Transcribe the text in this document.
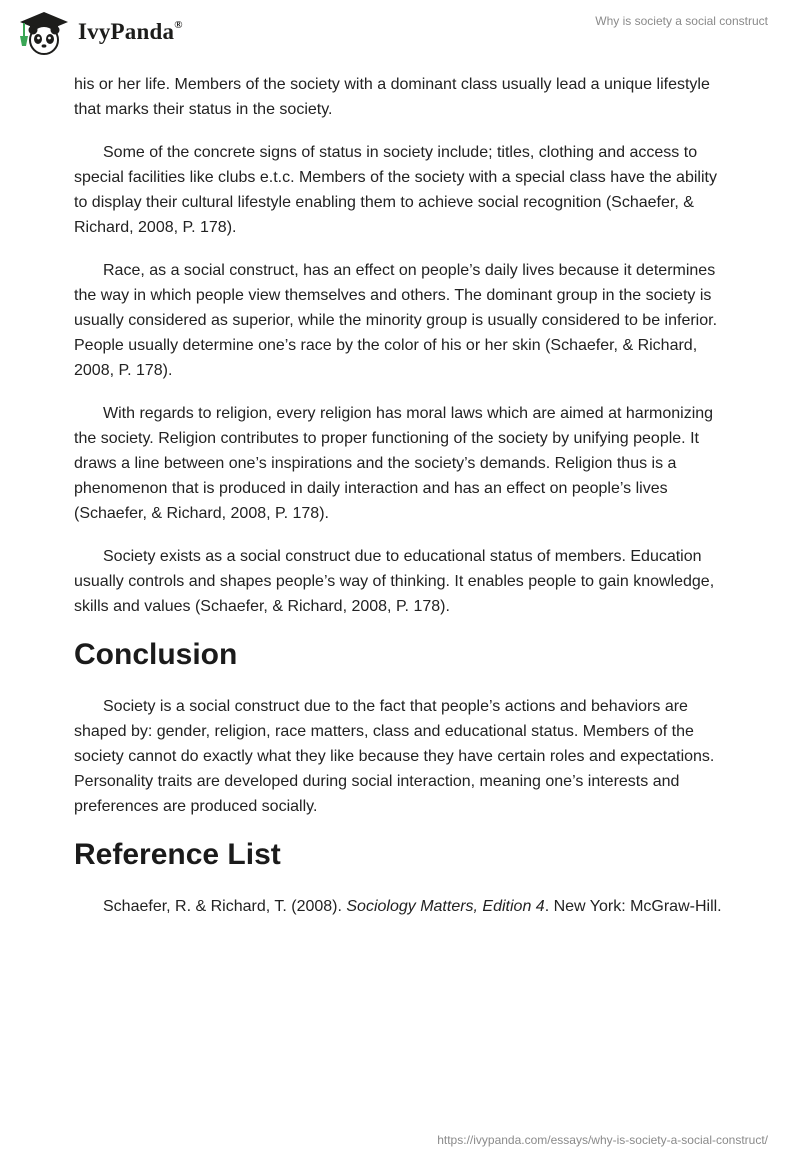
IvyPanda®	Why is society a social construct

his or her life. Members of the society with a dominant class usually lead a unique lifestyle that marks their status in the society.

Some of the concrete signs of status in society include; titles, clothing and access to special facilities like clubs e.t.c. Members of the society with a special class have the ability to display their cultural lifestyle enabling them to achieve social recognition (Schaefer, & Richard, 2008, P. 178).

Race, as a social construct, has an effect on people’s daily lives because it determines the way in which people view themselves and others. The dominant group in the society is usually considered as superior, while the minority group is usually considered to be inferior. People usually determine one’s race by the color of his or her skin (Schaefer, & Richard, 2008, P. 178).

With regards to religion, every religion has moral laws which are aimed at harmonizing the society. Religion contributes to proper functioning of the society by unifying people. It draws a line between one’s inspirations and the society’s demands. Religion thus is a phenomenon that is produced in daily interaction and has an effect on people’s lives (Schaefer, & Richard, 2008, P. 178).

Society exists as a social construct due to educational status of members. Education usually controls and shapes people’s way of thinking. It enables people to gain knowledge, skills and values (Schaefer, & Richard, 2008, P. 178).

Conclusion

Society is a social construct due to the fact that people’s actions and behaviors are shaped by: gender, religion, race matters, class and educational status. Members of the society cannot do exactly what they like because they have certain roles and expectations. Personality traits are developed during social interaction, meaning one’s interests and preferences are produced socially.

Reference List

Schaefer, R. & Richard, T. (2008). Sociology Matters, Edition 4. New York: McGraw-Hill.

https://ivypanda.com/essays/why-is-society-a-social-construct/
